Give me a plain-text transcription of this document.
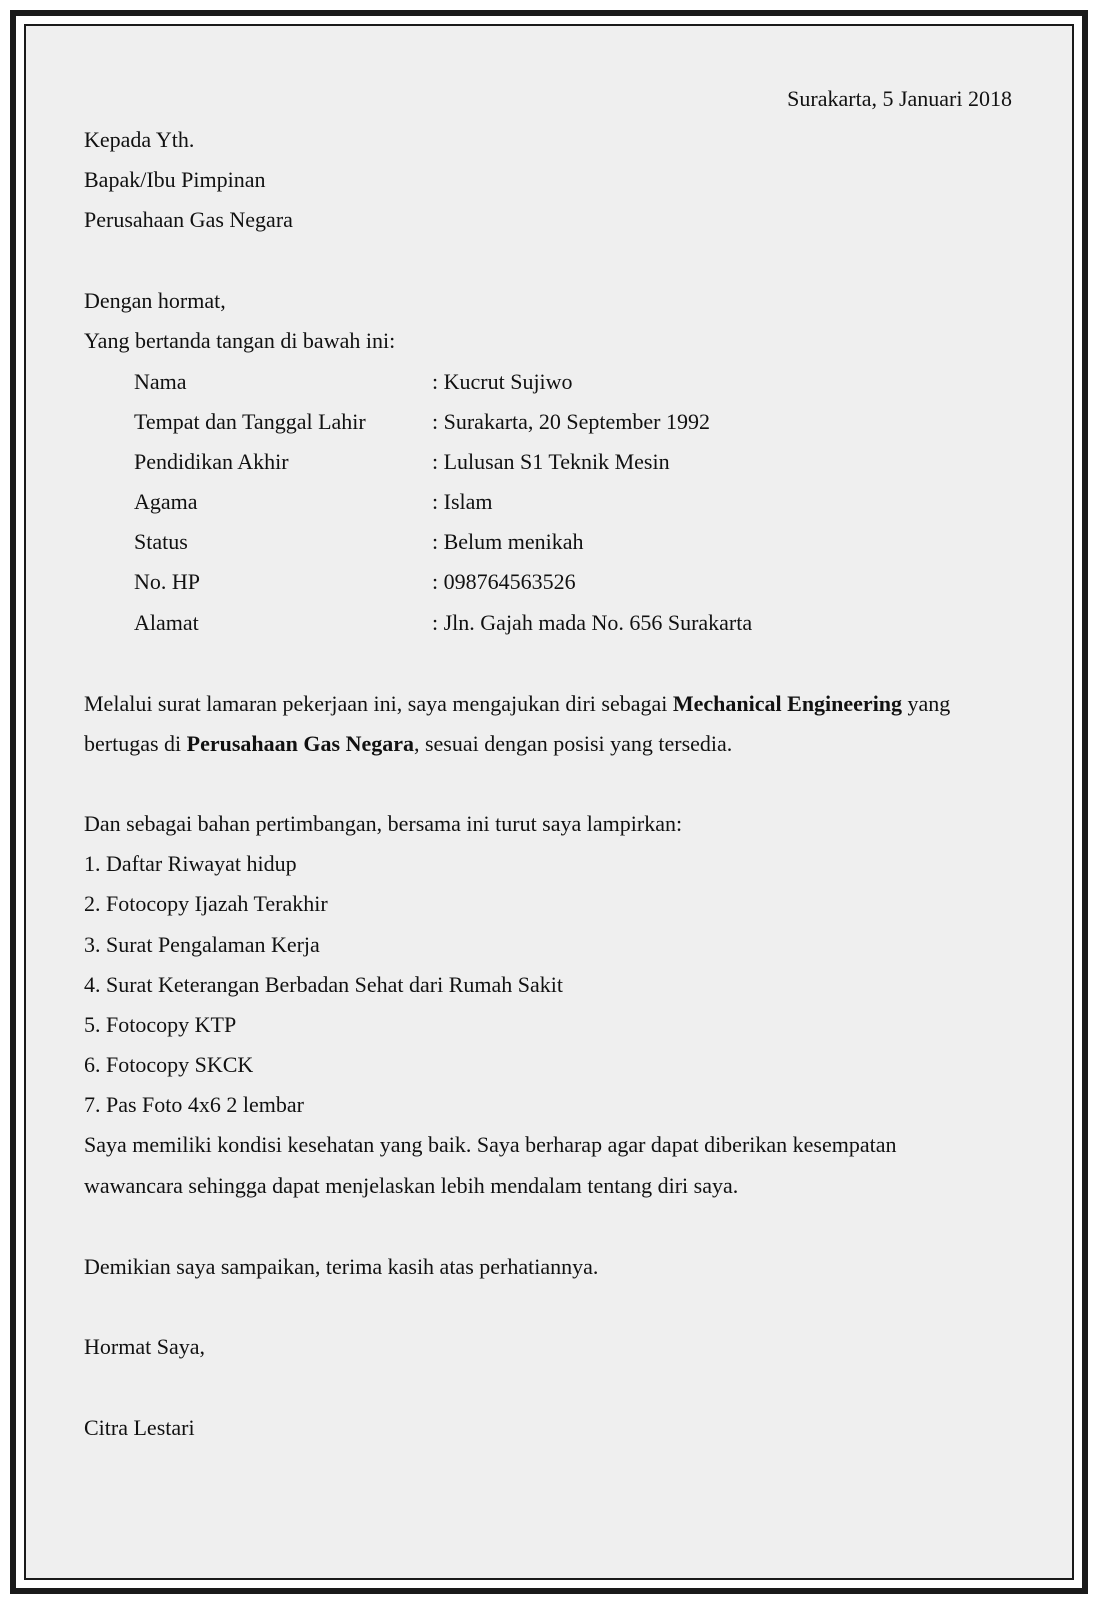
Surakarta, 5 Januari 2018
Kepada Yth.
Bapak/Ibu Pimpinan
Perusahaan Gas Negara
Dengan hormat,
Yang bertanda tangan di bawah ini:
Nama	: Kucrut Sujiwo
Tempat dan Tanggal Lahir	: Surakarta, 20 September 1992
Pendidikan Akhir	: Lulusan S1 Teknik Mesin
Agama	: Islam
Status	: Belum menikah
No. HP	: 098764563526
Alamat	: Jln. Gajah mada No. 656 Surakarta
Melalui surat lamaran pekerjaan ini, saya mengajukan diri sebagai Mechanical Engineering yang
bertugas di Perusahaan Gas Negara, sesuai dengan posisi yang tersedia.
Dan sebagai bahan pertimbangan, bersama ini turut saya lampirkan:
1. Daftar Riwayat hidup
2. Fotocopy Ijazah Terakhir
3. Surat Pengalaman Kerja
4. Surat Keterangan Berbadan Sehat dari Rumah Sakit
5. Fotocopy KTP
6. Fotocopy SKCK
7. Pas Foto 4x6 2 lembar
Saya memiliki kondisi kesehatan yang baik. Saya berharap agar dapat diberikan kesempatan
wawancara sehingga dapat menjelaskan lebih mendalam tentang diri saya.
Demikian saya sampaikan, terima kasih atas perhatiannya.
Hormat Saya,
Citra Lestari
